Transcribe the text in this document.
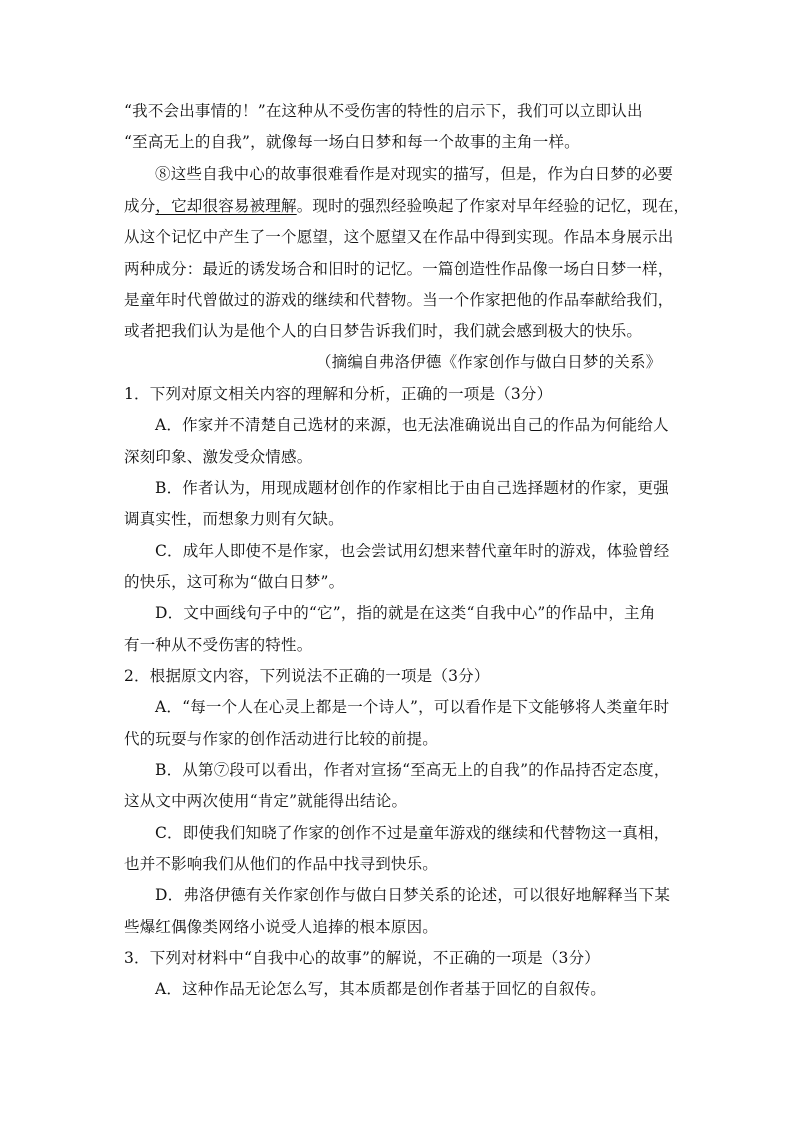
“我不会出事情的！”在这种从不受伤害的特性的启示下，我们可以立即认出
“至高无上的自我”，就像每一场白日梦和每一个故事的主角一样。
⑧这些自我中心的故事很难看作是对现实的描写，但是，作为白日梦的必要
成分，它却很容易被理解。现时的强烈经验唤起了作家对早年经验的记忆，现在，
从这个记忆中产生了一个愿望，这个愿望又在作品中得到实现。作品本身展示出
两种成分：最近的诱发场合和旧时的记忆。一篇创造性作品像一场白日梦一样，
是童年时代曾做过的游戏的继续和代替物。当一个作家把他的作品奉献给我们，
或者把我们认为是他个人的白日梦告诉我们时，我们就会感到极大的快乐。
（摘编自弗洛伊德《作家创作与做白日梦的关系》
1．下列对原文相关内容的理解和分析，正确的一项是（3分）
A．作家并不清楚自己选材的来源，也无法准确说出自己的作品为何能给人
深刻印象、激发受众情感。
B．作者认为，用现成题材创作的作家相比于由自己选择题材的作家，更强
调真实性，而想象力则有欠缺。
C．成年人即使不是作家，也会尝试用幻想来替代童年时的游戏，体验曾经
的快乐，这可称为“做白日梦”。
D．文中画线句子中的“它”，指的就是在这类“自我中心”的作品中，主角
有一种从不受伤害的特性。
2．根据原文内容，下列说法不正确的一项是（3分）
A．“每一个人在心灵上都是一个诗人”，可以看作是下文能够将人类童年时
代的玩耍与作家的创作活动进行比较的前提。
B．从第⑦段可以看出，作者对宣扬“至高无上的自我”的作品持否定态度，
这从文中两次使用“肯定”就能得出结论。
C．即使我们知晓了作家的创作不过是童年游戏的继续和代替物这一真相，
也并不影响我们从他们的作品中找寻到快乐。
D．弗洛伊德有关作家创作与做白日梦关系的论述，可以很好地解释当下某
些爆红偶像类网络小说受人追捧的根本原因。
3．下列对材料中“自我中心的故事”的解说，不正确的一项是（3分）
A．这种作品无论怎么写，其本质都是创作者基于回忆的自叙传。
